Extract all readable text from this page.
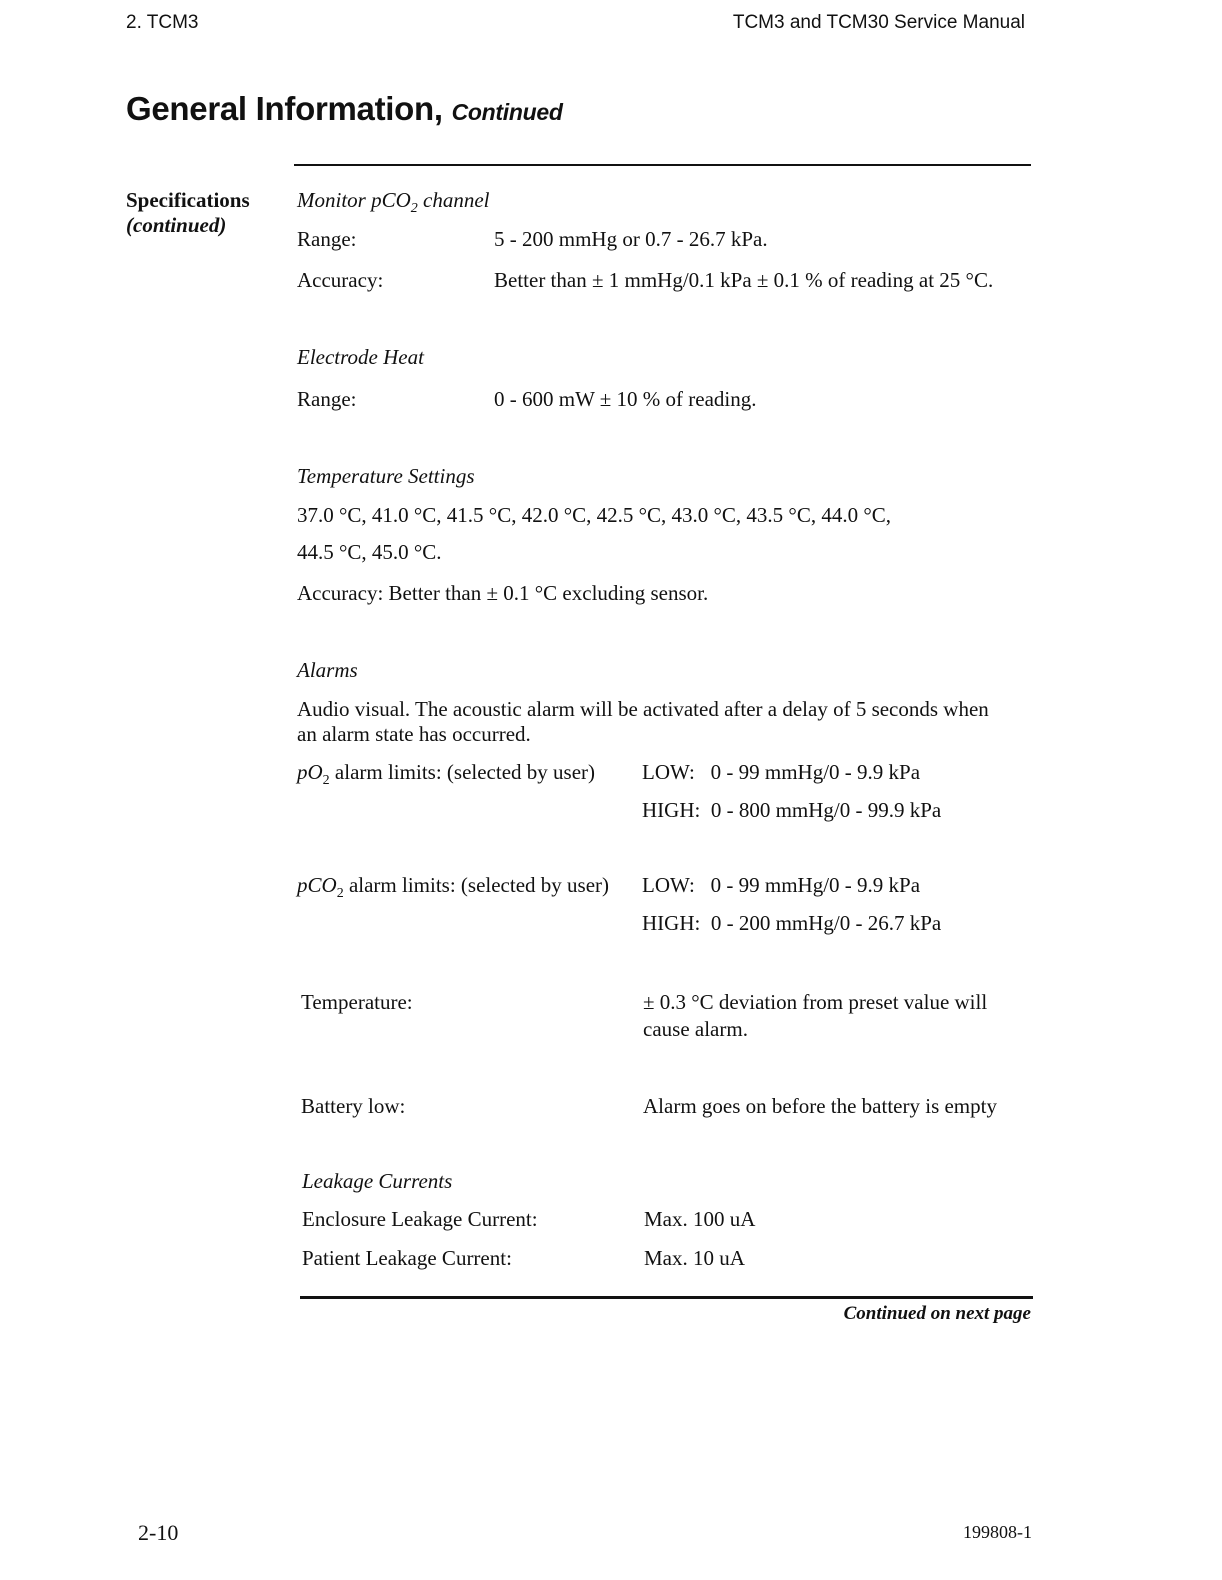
2. TCM3	TCM3 and TCM30 Service Manual
General Information, Continued
Specifications
(continued)
Monitor pCO$_2$ channel
Range:	5 - 200 mmHg or 0.7 - 26.7 kPa.
Accuracy:	Better than ± 1 mmHg/0.1 kPa ± 0.1 % of reading at 25 °C.
Electrode Heat
Range:	0 - 600 mW ± 10 % of reading.
Temperature Settings
37.0 °C, 41.0 °C, 41.5 °C, 42.0 °C, 42.5 °C, 43.0 °C, 43.5 °C, 44.0 °C,
44.5 °C, 45.0 °C.
Accuracy: Better than ± 0.1 °C excluding sensor.
Alarms
Audio visual. The acoustic alarm will be activated after a delay of 5 seconds when
an alarm state has occurred.
$pO_2$ alarm limits: (selected by user) LOW:   0 - 99 mmHg/0 - 9.9 kPa
HIGH:  0 - 800 mmHg/0 - 99.9 kPa
pCO$_2$ alarm limits: (selected by user) LOW:   0 - 99 mmHg/0 - 9.9 kPa
HIGH:  0 - 200 mmHg/0 - 26.7 kPa
Temperature:	± 0.3 °C deviation from preset value will
cause alarm.
Battery low:	Alarm goes on before the battery is empty
Leakage Currents
Enclosure Leakage Current:	Max. 100 uA
Patient Leakage Current:	Max. 10 uA
Continued on next page
2-10	199808-1
